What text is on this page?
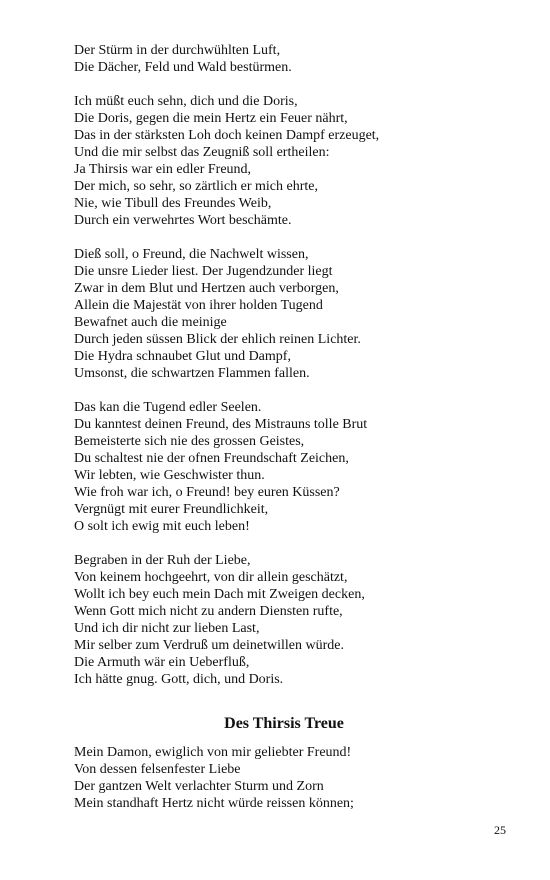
Der Stürm in der durchwühlten Luft,
Die Dächer, Feld und Wald bestürmen.
Ich müßt euch sehn, dich und die Doris,
Die Doris, gegen die mein Hertz ein Feuer nährt,
Das in der stärksten Loh doch keinen Dampf erzeuget,
Und die mir selbst das Zeugniß soll ertheilen:
Ja Thirsis war ein edler Freund,
Der mich, so sehr, so zärtlich er mich ehrte,
Nie, wie Tibull des Freundes Weib,
Durch ein verwehrtes Wort beschämte.
Dieß soll, o Freund, die Nachwelt wissen,
Die unsre Lieder liest. Der Jugendzunder liegt
Zwar in dem Blut und Hertzen auch verborgen,
Allein die Majestät von ihrer holden Tugend
Bewafnet auch die meinige
Durch jeden süssen Blick der ehlich reinen Lichter.
Die Hydra schnaubet Glut und Dampf,
Umsonst, die schwartzen Flammen fallen.
Das kan die Tugend edler Seelen.
Du kanntest deinen Freund, des Mistrauns tolle Brut
Bemeisterte sich nie des grossen Geistes,
Du schaltest nie der ofnen Freundschaft Zeichen,
Wir lebten, wie Geschwister thun.
Wie froh war ich, o Freund! bey euren Küssen?
Vergnügt mit eurer Freundlichkeit,
O solt ich ewig mit euch leben!
Begraben in der Ruh der Liebe,
Von keinem hochgeehrt, von dir allein geschätzt,
Wollt ich bey euch mein Dach mit Zweigen decken,
Wenn Gott mich nicht zu andern Diensten rufte,
Und ich dir nicht zur lieben Last,
Mir selber zum Verdruß um deinetwillen würde.
Die Armuth wär ein Ueberfluß,
Ich hätte gnug. Gott, dich, und Doris.
Des Thirsis Treue
Mein Damon, ewiglich von mir geliebter Freund!
Von dessen felsenfester Liebe
Der gantzen Welt verlachter Sturm und Zorn
Mein standhaft Hertz nicht würde reissen können;
25
